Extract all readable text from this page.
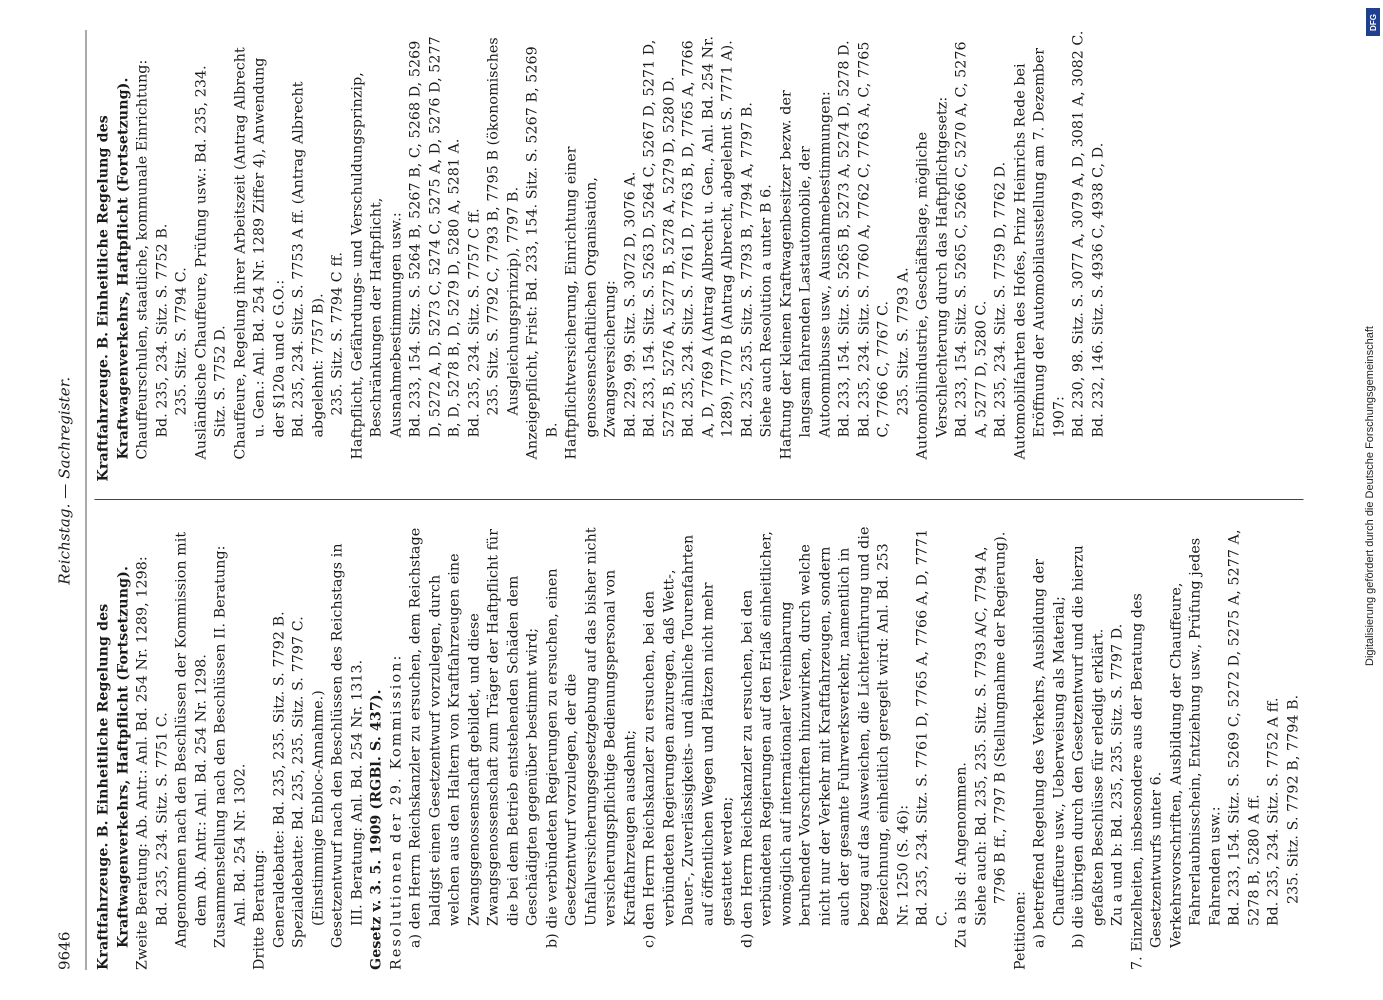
9646
Reichstag. — Sachregister.

Kraftfahrzeuge. B. Einheitliche Regelung des Kraftwagenverkehrs, Haftpflicht (Fortsetzung). Zweite Beratung: Ab. Antr.: Anl. Bd. 254 Nr. 1289, 1298: Bd. 235, 234. Sitz. S. 7751 C. Angenommen nach den Beschlüssen der Kommission mit dem Ab. Antr.: Anl. Bd. 254 Nr. 1298. Zusammenstellung nach den Beschlüssen II. Beratung: Anl. Bd. 254 Nr. 1302. Dritte Beratung: Generaldebatte: Bd. 235, 235. Sitz. S. 7792 B. Spezialdebatte: Bd. 235, 235. Sitz. S. 7797 C. (Einstimmige Enbloc-Annahme.) Gesetzentwurf nach den Beschlüssen des Reichstags in III. Beratung: Anl. Bd. 254 Nr. 1313. Gesetz v. 3. 5. 1909 (RGBl. S. 437). Resolutionen der 29. Kommission: a) den Herrn Reichskanzler zu ersuchen, dem Reichstage baldigst einen Gesetzentwurf vorzulegen, durch welchen aus den Haltern von Kraftfahrzeugen eine Zwangsgenossenschaft gebildet, und diese Zwangsgenossenschaft zum Träger der Haftpflicht für die bei dem Betrieb entstehenden Schäden dem Geschädigten gegenüber bestimmt wird; b) die verbündeten Regierungen zu ersuchen, einen Gesetzentwurf vorzulegen, der die Unfallversicherungsgesetzgebung auf das bisher nicht versicherungspflichtige Bedienungspersonal von Kraftfahrzeugen ausdehnt; c) den Herrn Reichskanzler zu ersuchen, bei den verbündeten Regierungen anzuregen, daß Wett-, Dauer-, Zuverlässigkeits- und ähnliche Tourenfahrten auf öffentlichen Wegen und Plätzen nicht mehr gestattet werden; d) den Herrn Reichskanzler zu ersuchen, bei den verbündeten Regierungen auf den Erlaß einheitlicher, womöglich auf internationaler Vereinbarung beruhender Vorschriften hinzuwirken, durch welche nicht nur der Verkehr mit Kraftfahrzeugen, sondern auch der gesamte Fuhrwerksverkehr, namentlich in bezug auf das Ausweichen, die Lichterführung und die Bezeichnung, einheitlich geregelt wird: Anl. Bd. 253 Nr. 1250 (S. 46): Bd. 235, 234. Sitz. S. 7761 D, 7765 A, 7766 A, D, 7771 C. Zu a bis d: Angenommen. Siehe auch: Bd. 235, 235. Sitz. S. 7793 A/C, 7794 A, 7796 B ff., 7797 B (Stellungnahme der Regierung).

Petitionen: a) betreffend Regelung des Verkehrs, Ausbildung der Chauffeure usw., Ueberweisung als Material; b) die übrigen durch den Gesetzentwurf und die hierzu gefaßten Beschlüsse für erledigt erklärt. Zu a und b: Bd. 235, 235. Sitz. S. 7797 D. 7. Einzelheiten, insbesondere aus der Beratung des Gesetzentwurfs unter 6. Verkehrsvorschriften, Ausbildung der Chauffeure, Fahrerlaubnisschein, Entziehung usw., Prüfung jedes Fahrenden usw.: Bd. 233, 154. Sitz. S. 5269 C, 5272 D, 5275 A, 5277 A, 5278 B, 5280 A ff. Bd. 235, 234. Sitz. S. 7752 A ff. 235. Sitz. S. 7792 B, 7794 B.

Kraftfahrzeuge. B. Einheitliche Regelung des Kraftwagenverkehrs, Haftpflicht (Fortsetzung). Chauffeurschulen, staatliche, kommunale Einrichtung: Bd. 235, 234. Sitz. S. 7752 B. 235. Sitz. S. 7794 C. Ausländische Chauffeure, Prüfung usw.: Bd. 235, 234. Sitz. S. 7752 D. Chauffeure, Regelung ihrer Arbeitszeit (Antrag Albrecht u. Gen.: Anl. Bd. 254 Nr. 1289 Ziffer 4), Anwendung der §120a und c G.O.: Bd. 235, 234. Sitz. S. 7753 A ff. (Antrag Albrecht abgelehnt: 7757 B). 235. Sitz. S. 7794 C ff. Haftpflicht, Gefährdungs- und Verschuldungsprinzip, Beschränkungen der Haftpflicht, Ausnahmebestimmungen usw.: Bd. 233, 154. Sitz. S. 5264 B, 5267 B, C, 5268 D, 5269 D, 5272 A, D, 5273 C, 5274 C, 5275 A, D, 5276 D, 5277 B, D, 5278 B, D, 5279 D, 5280 A, 5281 A. Bd. 235, 234. Sitz. S. 7757 C ff. 235. Sitz. S. 7792 C, 7793 B, 7795 B (ökonomisches Ausgleichungsprinzip), 7797 B. Anzeigepflicht, Frist: Bd. 233, 154. Sitz. S. 5267 B, 5269 B. Haftpflichtversicherung, Einrichtung einer genossenschaftlichen Organisation, Zwangsversicherung: Bd. 229, 99. Sitz. S. 3072 D, 3076 A. Bd. 233, 154. Sitz. S. 5263 D, 5264 C, 5267 D, 5271 D, 5275 B, 5276 A, 5277 B, 5278 A, 5279 D, 5280 D. Bd. 235, 234. Sitz. S. 7761 D, 7763 B, D, 7765 A, 7766 A, D, 7769 A (Antrag Albrecht u. Gen., Anl. Bd. 254 Nr. 1289), 7770 B (Antrag Albrecht, abgelehnt S. 7771 A). Bd. 235, 235. Sitz. S. 7793 B, 7794 A, 7797 B. Siehe auch Resolution a unter B 6. Haftung der kleinen Kraftwagenbesitzer bezw. der langsam fahrenden Lastautomobile, der Autoomnibusse usw., Ausnahmebestimmungen: Bd. 233, 154. Sitz. S. 5265 B, 5273 A, 5274 D, 5278 D. Bd. 235, 234. Sitz. S. 7760 A, 7762 C, 7763 A, C, 7765 C, 7766 C, 7767 C. 235. Sitz. S. 7793 A. Automobilindustrie, Geschäftslage, mögliche Verschlechterung durch das Haftpflichtgesetz: Bd. 233, 154. Sitz. S. 5265 C, 5266 C, 5270 A, C, 5276 A, 5277 D, 5280 C. Bd. 235, 234. Sitz. S. 7759 D, 7762 D. Automobilfahrten des Hofes, Prinz Heinrichs Rede bei Eröffnung der Automobilausstellung am 7. Dezember 1907: Bd. 230, 98. Sitz. S. 3077 A, 3079 A, D, 3081 A, 3082 C. Bd. 232, 146. Sitz. S. 4936 C, 4938 C, D.

Digitalisierung gefördert durch die Deutsche Forschungsgemeinschaft
DFG
